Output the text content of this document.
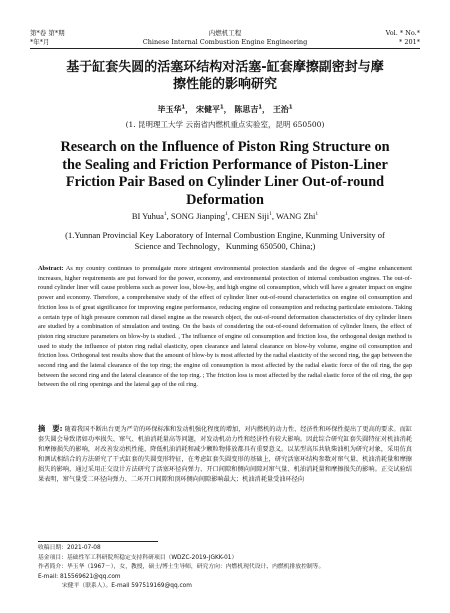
第*卷 第*期	内燃机工程	Vol. * No.*
*年*月	Chinese Internal Combustion Engine Engineering	* 201*
基于缸套失圆的活塞环结构对活塞-缸套摩擦副密封与摩
擦性能的影响研究
毕玉华$^1$， 宋健平$^1$， 陈思吉$^1$， 王治$^1$
(1. 昆明理工大学 云南省内燃机重点实验室，昆明 650500)
Research on the Influence of Piston Ring Structure on
the Sealing and Friction Performance of Piston-Liner
Friction Pair Based on Cylinder Liner Out-of-round
Deformation
BI Yuhua$^1$, SONG Jianping$^1$, CHEN Siji$^1$, WANG Zhi$^1$
(1.Yunnan Provincial Key Laboratory of Internal Combustion Engine, Kunming University of
Science and Technology，Kunming 650500, China;)
Abstract: As my country continues to promulgate more stringent environmental protection standards and the degree of -engine enhancement increases, higher requirements are put forward for the power, economy, and environmental protection of internal combustion engines. The out-of-round cylinder liner will cause problems such as power loss, blow-by, and high engine oil consumption, which will have a greater impact on engine power and economy. Therefore, a comprehensive study of the effect of cylinder liner out-of-round characteristics on engine oil consumption and friction loss is of great significance for improving engine performance, reducing engine oil consumption and reducing particulate emissions. Taking a certain type of high pressure common rail diesel engine as the research object, the out-of-round deformation characteristics of dry cylinder liners are studied by a combination of simulation and testing. On the basis of considering the out-of-round deformation of cylinder liners, the effect of piston ring structure parameters on blow-by is studied. , The influence of engine oil consumption and friction loss, the orthogonal design method is used to study the influence of piston ring radial elasticity, open clearance and lateral clearance on blow-by volume, engine oil consumption and friction loss. Orthogonal test results show that the amount of blow-by is most affected by the radial elasticity of the second ring, the gap between the second ring and the lateral clearance of the top ring; the engine oil consumption is most affected by the radial elastic force of the oil ring, the gap between the second ring and the lateral clearance of the top ring. ; The friction loss is most affected by the radial elastic force of the oil ring, the gap between the oil ring openings and the lateral gap of the oil ring.
摘　要: 随着我国不断出台更为严苛的环保标准和发动机强化程度的增加，对内燃机的动力性、经济性和环保性提出了更高的要求。而缸套失圆会导致诸如功率损失、窜气、机油消耗量高等问题，对发动机动力性和经济性有较大影响。因此综合研究缸套失圆特征对机油消耗和摩擦损失的影响，对改善发动机性能、降低机油消耗和减少颗粒物排放都具有重要意义。以某型高压共轨柴油机为研究对象，采用仿真和测试相结合的方法研究了干式缸套的失圆变形特征，在考虑缸套失圆变形的基础上，研究活塞环结构参数对窜气量、机油消耗量和摩擦损失的影响，通过采用正交设计方法研究了活塞环径向弹力、开口间隙和侧向间隙对窜气量、机油消耗量和摩擦损失的影响。正交试验结果表明，窜气量受二环径向弹力、二环开口间隙和顶环侧向间隙影响最大；机油消耗量受油环径向
收稿日期：2021-07-08
基金项目：基础性军工科研院所稳定支持科研项目（WDZC-2019-JGKK-01）
作者简介：毕玉华（1967－），女，教授，硕士/博士生导师，研究方向：内燃机现代设计、内燃机排放控制等。
E-mail: 815569621@qq.com
宋健平（联系人）。E-mail 597519169@qq.com
